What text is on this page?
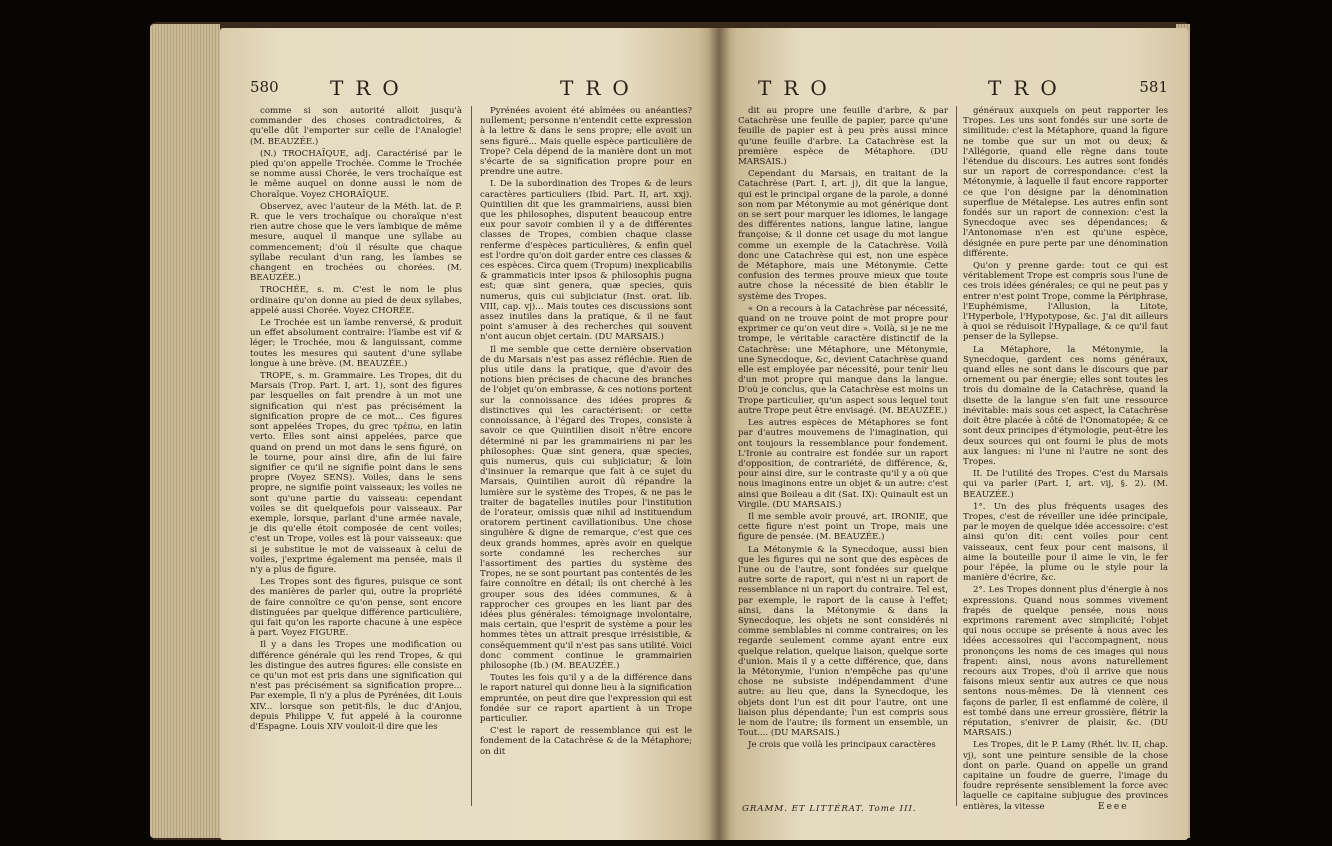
580	TRO	TRO

comme si son autorité alloit jusqu'à commander des choses contradictoires, & qu'elle dût l'emporter sur celle de l'Analogie! (M. BEAUZÉE.)

(N.) TROCHAÏQUE, adj. Caractérisé par le pied qu'on appelle Trochée. Comme le Trochée se nomme aussi Chorée, le vers trochaïque est le même auquel on donne aussi le nom de Choraïque. Voyez CHORAÏQUE.

Observez, avec l'auteur de la Méth. lat. de P. R. que le vers trochaïque ou choraïque n'est rien autre chose que le vers ïambique de même mesure, auquel il manque une syllabe au commencement; d'où il résulte que chaque syllabe reculant d'un rang, les ïambes se changent en trochées ou chorées. (M. BEAUZÉE.)

TROCHÉE, s. m. C'est le nom le plus ordinaire qu'on donne au pied de deux syllabes, appelé aussi Chorée. Voyez CHORÉE.

Le Trochée est un ïambe renversé, & produit un effet absolument contraire: l'ïambe est vif & léger; le Trochée, mou & languissant, comme toutes les mesures qui sautent d'une syllabe longue à une brève. (M. BEAUZÉE.)

TROPE, s. m. Grammaire. Les Tropes, dit du Marsais (Trop. Part. I, art. 1), sont des figures par lesquelles on fait prendre à un mot une signification qui n'est pas précisément la signification propre de ce mot... Ces figures sont appelées Tropes, du grec τρέπω, en latin verto. Elles sont ainsi appelées, parce que quand on prend un mot dans le sens figuré, on le tourne, pour ainsi dire, afin de lui faire signifier ce qu'il ne signifie point dans le sens propre (Voyez SENS). Voiles, dans le sens propre, ne signifie point vaisseaux; les voiles ne sont qu'une partie du vaisseau: cependant voiles se dit quelquefois pour vaisseaux. Par exemple, lorsque, parlant d'une armée navale, je dis qu'elle étoit composée de cent voiles; c'est un Trope, voiles est là pour vaisseaux: que si je substitue le mot de vaisseaux à celui de voiles, j'exprime également ma pensée, mais il n'y a plus de figure.

Les Tropes sont des figures, puisque ce sont des manières de parler qui, outre la propriété de faire connoître ce qu'on pense, sont encore distinguées par quelque différence particulière, qui fait qu'on les raporte chacune à une espèce à part. Voyez FIGURE.

Il y a dans les Tropes une modification ou différence générale qui les rend Tropes, & qui les distingue des autres figures: elle consiste en ce qu'un mot est pris dans une signification qui n'est pas précisément sa signification propre... Par exemple, Il n'y a plus de Pyrénées, dit Louis XIV... lorsque son petit-fils, le duc d'Anjou, depuis Philippe V, fut appelé à la couronne d'Espagne. Louis XIV vouloit-il dire que les

Pyrénées avoient été abîmées ou anéanties? nullement; personne n'entendit cette expression à la lettre & dans le sens propre; elle avoit un sens figuré... Mais quelle espèce particulière de Trope? Cela dépend de la manière dont un mot s'écarte de sa signification propre pour en prendre une autre.

I. De la subordination des Tropes & de leurs caractères particuliers (Ibid. Part. II, art. xxj). Quintilien dit que les grammairiens, aussi bien que les philosophes, disputent beaucoup entre eux pour savoir combien il y a de différentes classes de Tropes, combien chaque classe renferme d'espèces particulières, & enfin quel est l'ordre qu'on doit garder entre ces classes & ces espèces. Circa quem (Tropum) inexplicabilis & grammaticis inter ipsos & philosophis pugna est; quæ sint genera, quæ species, quis numerus, quis cui subjiciatur (Inst. orat. lib. VIII, cap. vj)... Mais toutes ces discussions sont assez inutiles dans la pratique, & il ne faut point s'amuser à des recherches qui souvent n'ont aucun objet certain. (DU MARSAIS.)

Il me semble que cette dernière observation de du Marsais n'est pas assez réfléchie. Rien de plus utile dans la pratique, que d'avoir des notions bien précises de chacune des branches de l'objet qu'on embrasse, & ces notions portent sur la connoissance des idées propres & distinctives qui les caractérisent: or cette connoissance, à l'égard des Tropes, consiste à savoir ce que Quintilien disoit n'être encore déterminé ni par les grammairiens ni par les philosophes: Quæ sint genera, quæ species, quis numerus, quis cui subjiciatur; & loin d'insinuer la remarque que fait à ce sujet du Marsais, Quintilien auroit dû répandre la lumière sur le système des Tropes, & ne pas le traiter de bagatelles inutiles pour l'institution de l'orateur, omissis quæ nihil ad instituendum oratorem pertinent cavillationibus. Une chose singulière & digne de remarque, c'est que ces deux grands hommes, après avoir en quelque sorte condamné les recherches sur l'assortiment des parties du système des Tropes, ne se sont pourtant pas contentés de les faire connoître en détail; ils ont cherché à les grouper sous des idées communes, & à rapprocher ces groupes en les liant par des idées plus générales: témoignage involontaire, mais certain, que l'esprit de système a pour les hommes tètes un attrait presque irrésistible, & conséquemment qu'il n'est pas sans utilité. Voici donc comment continue le grammairien philosophe (Ib.) (M. BEAUZÉE.)

Toutes les fois qu'il y a de la différence dans le raport naturel qui donne lieu à la signification empruntée, on peut dire que l'expression qui est fondée sur ce raport apartient à un Trope particulier.

C'est le raport de ressemblance qui est le fondement de la Catachrèse & de la Métaphore; on dit

TRO	TRO	581

dit au propre une feuille d'arbre, & par Catachrèse une feuille de papier, parce qu'une feuille de papier est à peu près aussi mince qu'une feuille d'arbre. La Catachrèse est la première espèce de Métaphore. (DU MARSAIS.)

Cependant du Marsais, en traitant de la Catachrèse (Part. I, art. j), dit que la langue, qui est le principal organe de la parole, a donné son nom par Métonymie au mot générique dont on se sert pour marquer les idiomes, le langage des différentes nations, langue latine, langue françoise; & il donne cet usage du mot langue comme un exemple de la Catachrèse. Voilà donc une Catachrèse qui est, non une espèce de Métaphore, mais une Métonymie. Cette confusion des termes prouve mieux que toute autre chose la nécessité de bien établir le système des Tropes.

« On a recours à la Catachrèse par nécessité, quand on ne trouve point de mot propre pour exprimer ce qu'on veut dire ». Voilà, si je ne me trompe, le véritable caractère distinctif de la Catachrèse: une Métaphore, une Métonymie, une Synecdoque, &c, devient Catachrèse quand elle est employée par nécessité, pour tenir lieu d'un mot propre qui manque dans la langue. D'où je conclus, que la Catachrèse est moins un Trope particulier, qu'un aspect sous lequel tout autre Trope peut être envisagé. (M. BEAUZÉE.)

Les autres espèces de Métaphores se font par d'autres mouvemens de l'imagination, qui ont toujours la ressemblance pour fondement. L'Ironie au contraire est fondée sur un raport d'opposition, de contrariété, de différence, &, pour ainsi dire, sur le contraste qu'il y a où que nous imaginons entre un objet & un autre: c'est ainsi que Boileau a dit (Sat. IX): Quinault est un Virgile. (DU MARSAIS.)

Il me semble avoir prouvé, art. IRONIE, que cette figure n'est point un Trope, mais une figure de pensée. (M. BEAUZÉE.)

La Métonymie & la Synecdoque, aussi bien que les figures qui ne sont que des espèces de l'une ou de l'autre, sont fondées sur quelque autre sorte de raport, qui n'est ni un raport de ressemblance ni un raport du contraire. Tel est, par exemple, le raport de la cause à l'effet; ainsi, dans la Métonymie & dans la Synecdoque, les objets ne sont considérés ni comme semblables ni comme contraires; on les regarde seulement comme ayant entre eux quelque relation, quelque liaison, quelque sorte d'union. Mais il y a cette différence, que, dans la Métonymie, l'union n'empêche pas qu'une chose ne subsiste indépendamment d'une autre: au lieu que, dans la Synecdoque, les objets dont l'un est dit pour l'autre, ont une liaison plus dépendante; l'un est compris sous le nom de l'autre; ils forment un ensemble, un Tout.... (DU MARSAIS.)

Je crois que voilà les principaux caractères

GRAMM. ET LITTÉRAT. Tome III.

généraux auxquels on peut rapporter les Tropes. Les uns sont fondés sur une sorte de similitude: c'est la Métaphore, quand la figure ne tombe que sur un mot ou deux; & l'Allégorie, quand elle règne dans toute l'étendue du discours. Les autres sont fondés sur un raport de correspondance: c'est la Métonymie, à laquelle il faut encore rapporter ce que l'on désigne par la dénomination superflue de Métalepse. Les autres enfin sont fondés sur un raport de connexion: c'est la Synecdoque avec ses dépendances; & l'Antonomase n'en est qu'une espèce, désignée en pure perte par une dénomination différente.

Qu'on y prenne garde: tout ce qui est véritablement Trope est compris sous l'une de ces trois idées générales; ce qui ne peut pas y entrer n'est point Trope, comme la Périphrase, l'Euphémisme, l'Allusion, la Litote, l'Hyperbole, l'Hypotypose, &c. J'ai dit ailleurs à quoi se réduisoit l'Hypallage, & ce qu'il faut penser de la Syllepse.

La Métaphore, la Métonymie, la Synecdoque, gardent ces noms généraux, quand elles ne sont dans le discours que par ornement ou par énergie; elles sont toutes les trois du domaine de la Catachrèse, quand la disette de la langue s'en fait une ressource inévitable: mais sous cet aspect, la Catachrèse doit être placée à côté de l'Onomatopée; & ce sont deux principes d'étymologie, peut-être les deux sources qui ont fourni le plus de mots aux langues: ni l'une ni l'autre ne sont des Tropes.

II. De l'utilité des Tropes. C'est du Marsais qui va parler (Part. I, art. vij, §. 2). (M. BEAUZÉE.)

1°. Un des plus fréquents usages des Tropes, c'est de réveiller une idée principale, par le moyen de quelque idée accessoire: c'est ainsi qu'on dit: cent voiles pour cent vaisseaux, cent feux pour cent maisons, il aime la bouteille pour il aime le vin, le fer pour l'épée, la plume ou le style pour la manière d'écrire, &c.

2°. Les Tropes donnent plus d'énergie à nos expressions. Quand nous sommes vivement frapés de quelque pensée, nous nous exprimons rarement avec simplicité; l'objet qui nous occupe se présente à nous avec les idées accessoires qui l'accompagnent, nous prononçons les noms de ces images qui nous frapent: ainsi, nous avons naturellement recours aux Tropes, d'où il arrive que nous faisons mieux sentir aux autres ce que nous sentons nous-mêmes. De là viennent ces façons de parler, Il est enflammé de colère, il est tombé dans une erreur grossière, flétrir la réputation, s'enivrer de plaisir, &c. (DU MARSAIS.)

Les Tropes, dit le P. Lamy (Rhét. liv. II, chap. vj), sont une peinture sensible de la chose dont on parle. Quand on appelle un grand capitaine un foudre de guerre, l'image du foudre représente sensiblement la force avec laquelle ce capitaine subjugue des provinces entières, la vitesse	Eeee
